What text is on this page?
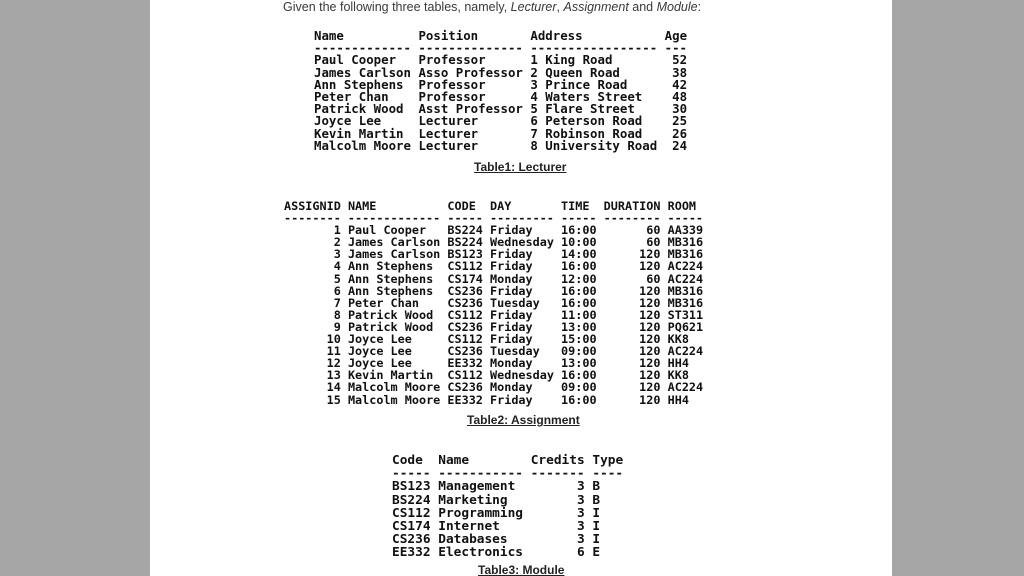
Given the following three tables, namely, Lecturer, Assignment and Module:
Name          Position       Address           Age
------------- -------------- ----------------- ---
Paul Cooper   Professor      1 King Road        52
James Carlson Asso Professor 2 Queen Road       38
Ann Stephens  Professor      3 Prince Road      42
Peter Chan    Professor      4 Waters Street    48
Patrick Wood  Asst Professor 5 Flare Street     30
Joyce Lee     Lecturer       6 Peterson Road    25
Kevin Martin  Lecturer       7 Robinson Road    26
Malcolm Moore Lecturer       8 University Road  24

Table1: Lecturer
ASSIGNID NAME          CODE  DAY       TIME  DURATION ROOM
-------- ------------- ----- --------- ----- -------- -----
1 Paul Cooper   BS224 Friday    16:00       60 AA339
2 James Carlson BS224 Wednesday 10:00       60 MB316
3 James Carlson BS123 Friday    14:00      120 MB316
4 Ann Stephens  CS112 Friday    16:00      120 AC224
5 Ann Stephens  CS174 Monday    12:00       60 AC224
6 Ann Stephens  CS236 Friday    16:00      120 MB316
7 Peter Chan    CS236 Tuesday   16:00      120 MB316
8 Patrick Wood  CS112 Friday    11:00      120 ST311
9 Patrick Wood  CS236 Friday    13:00      120 PQ621
10 Joyce Lee     CS112 Friday    15:00      120 KK8
11 Joyce Lee     CS236 Tuesday   09:00      120 AC224
12 Joyce Lee     EE332 Monday    13:00      120 HH4
13 Kevin Martin  CS112 Wednesday 16:00      120 KK8
14 Malcolm Moore CS236 Monday    09:00      120 AC224
15 Malcolm Moore EE332 Friday    16:00      120 HH4

Table2: Assignment
Code  Name        Credits Type
----- ----------- ------- ----
BS123 Management        3 B
BS224 Marketing         3 B
CS112 Programming       3 I
CS174 Internet          3 I
CS236 Databases         3 I
EE332 Electronics       6 E

Table3: Module
